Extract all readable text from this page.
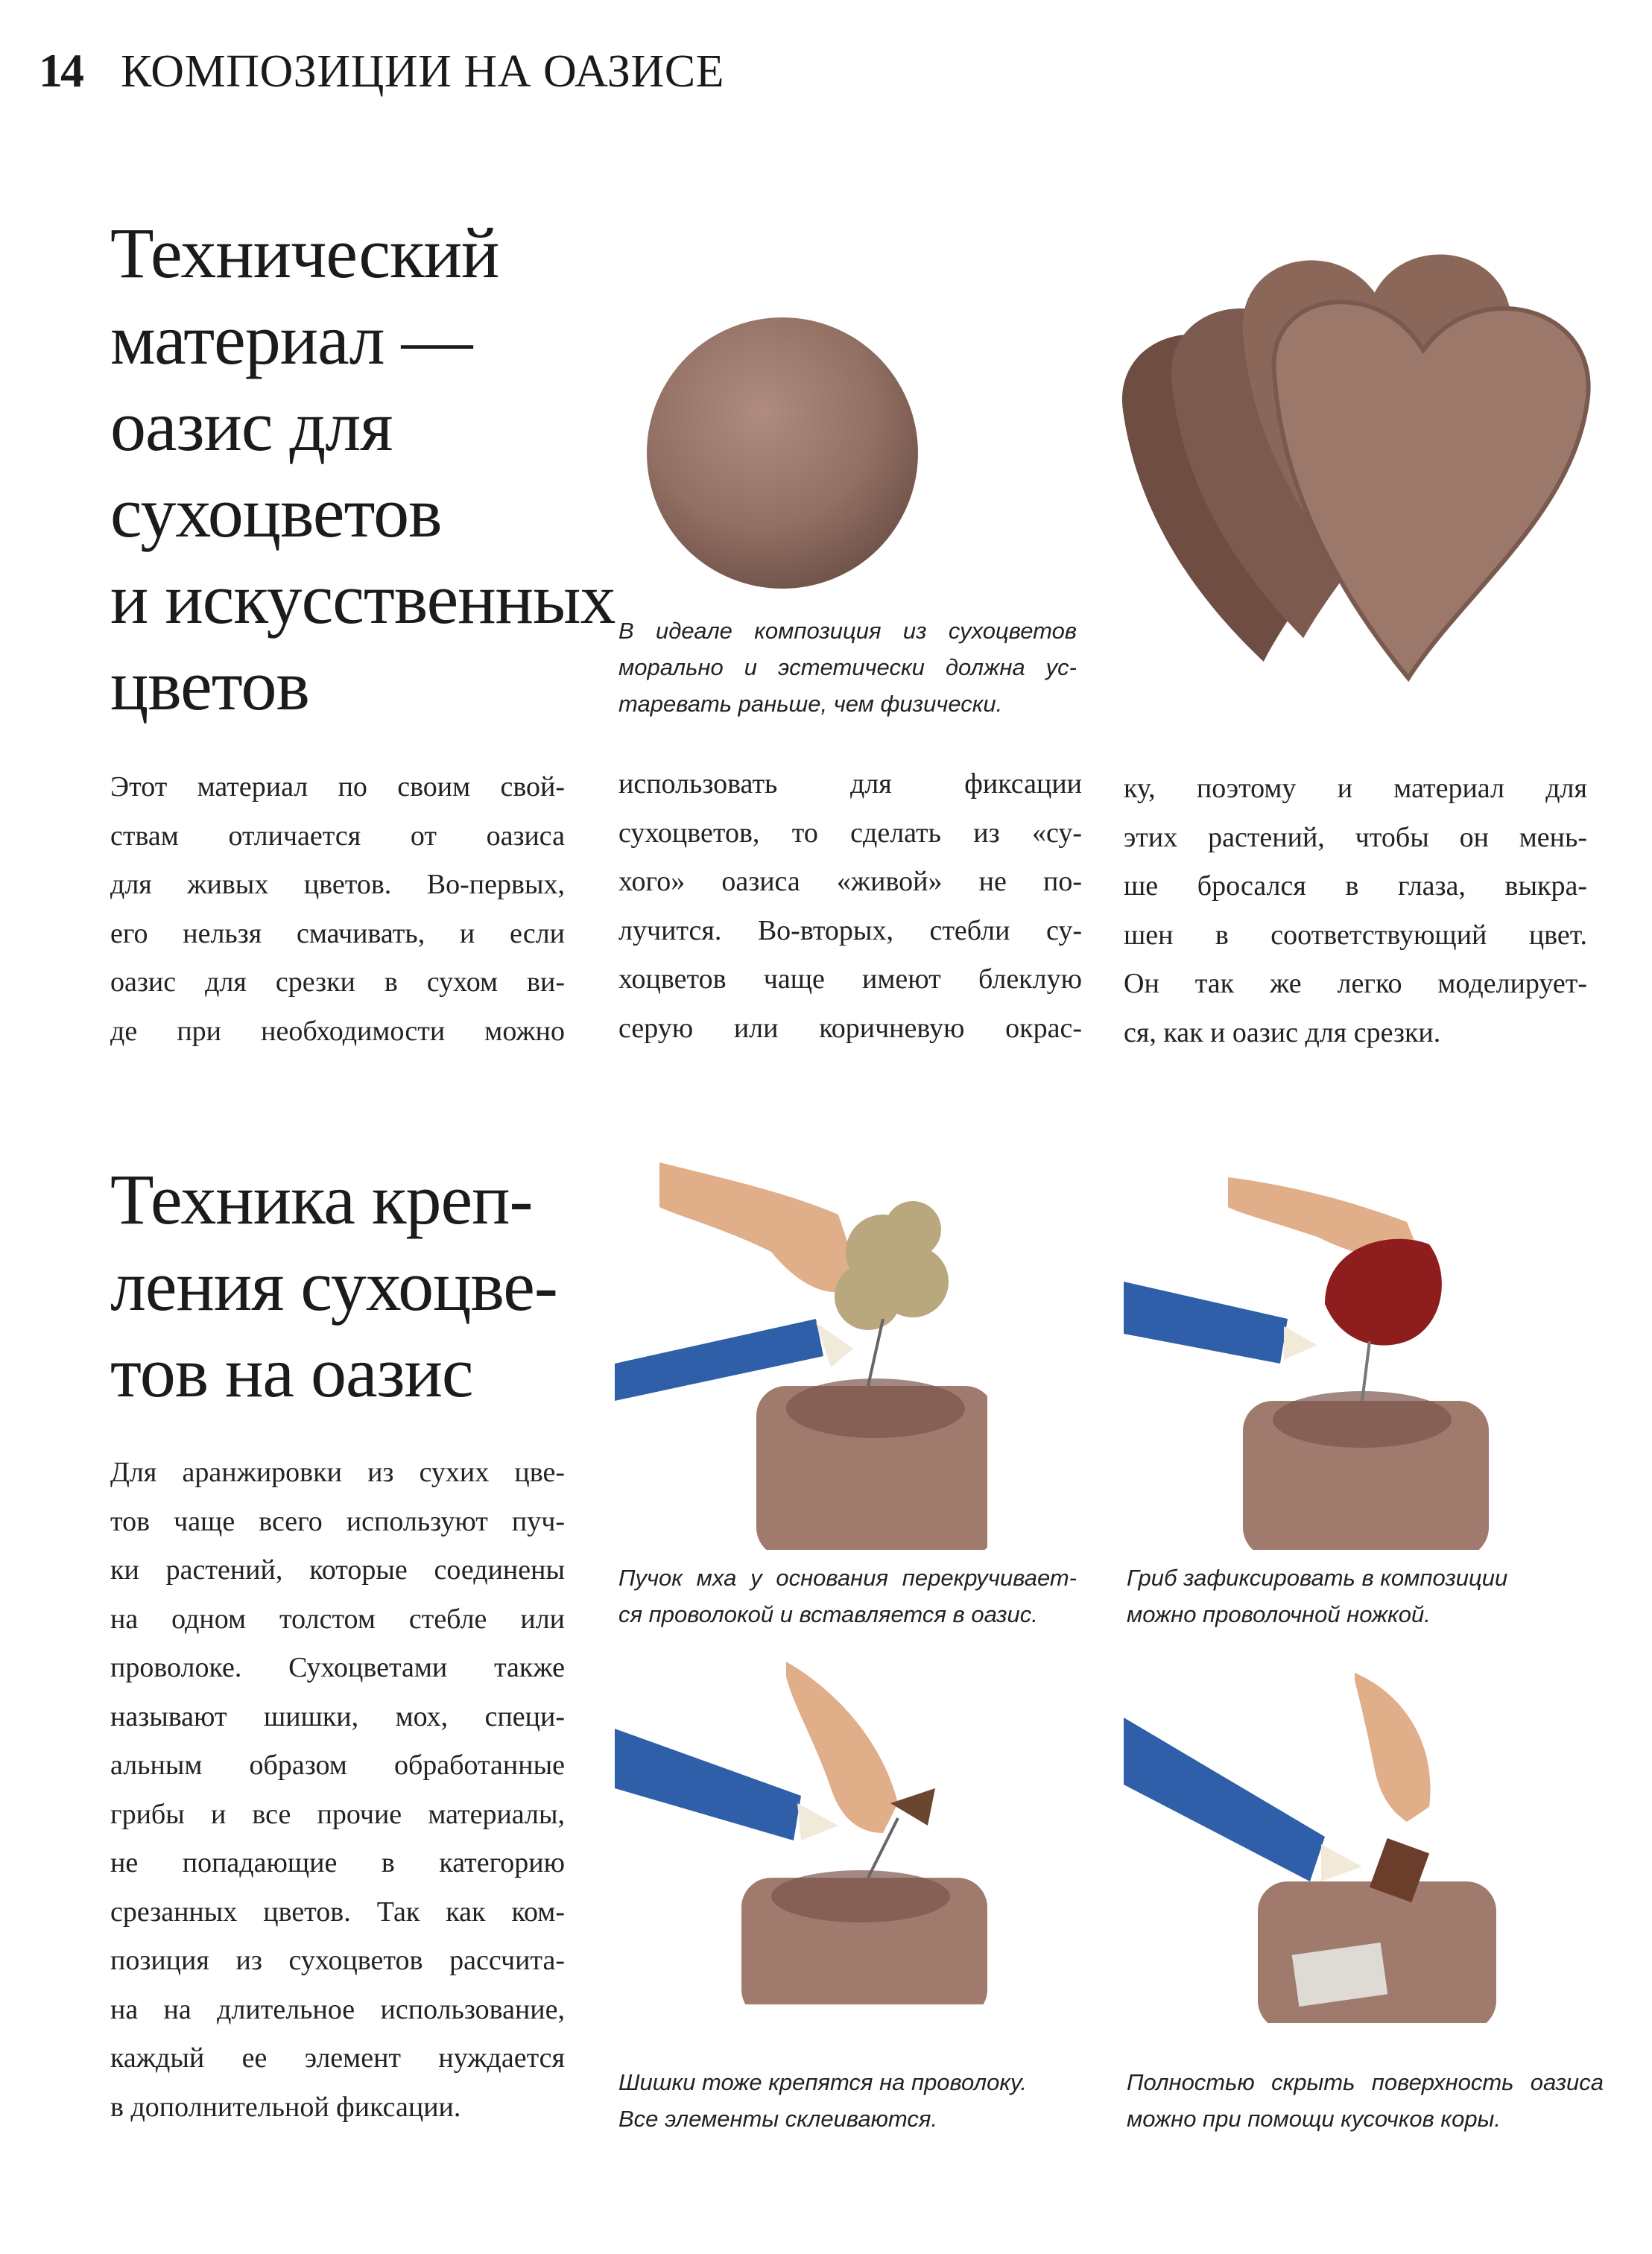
14 КОМПОЗИЦИИ НА ОАЗИСЕ
Технический
материал —
оазис для
сухоцветов
и искусственных
цветов
В идеале композиция из сухоцветов
морально и эстетически должна ус-
таревать раньше, чем физически.
Этот материал по своим свой-
ствам отличается от оазиса
для живых цветов. Во-первых,
его нельзя смачивать, и если
оазис для срезки в сухом ви-
де при необходимости можно
использовать для фиксации
сухоцветов, то сделать из «су-
хого» оазиса «живой» не по-
лучится. Во-вторых, стебли су-
хоцветов чаще имеют блеклую
серую или коричневую окрас-
ку, поэтому и материал для
этих растений, чтобы он мень-
ше бросался в глаза, выкра-
шен в соответствующий цвет.
Он так же легко моделирует-
ся, как и оазис для срезки.
Техника креп-
ления сухоцве-
тов на оазис
Для аранжировки из сухих цве-
тов чаще всего используют пуч-
ки растений, которые соединены
на одном толстом стебле или
проволоке. Сухоцветами также
называют шишки, мох, специ-
альным образом обработанные
грибы и все прочие материалы,
не попадающие в категорию
срезанных цветов. Так как ком-
позиция из сухоцветов рассчита-
на на длительное использование,
каждый ее элемент нуждается
в дополнительной фиксации.
Пучок мха у основания перекручивает-
ся проволокой и вставляется в оазис.
Гриб зафиксировать в композиции
можно проволочной ножкой.
Шишки тоже крепятся на проволоку.
Все элементы склеиваются.
Полностью скрыть поверхность оазиса
можно при помощи кусочков коры.
